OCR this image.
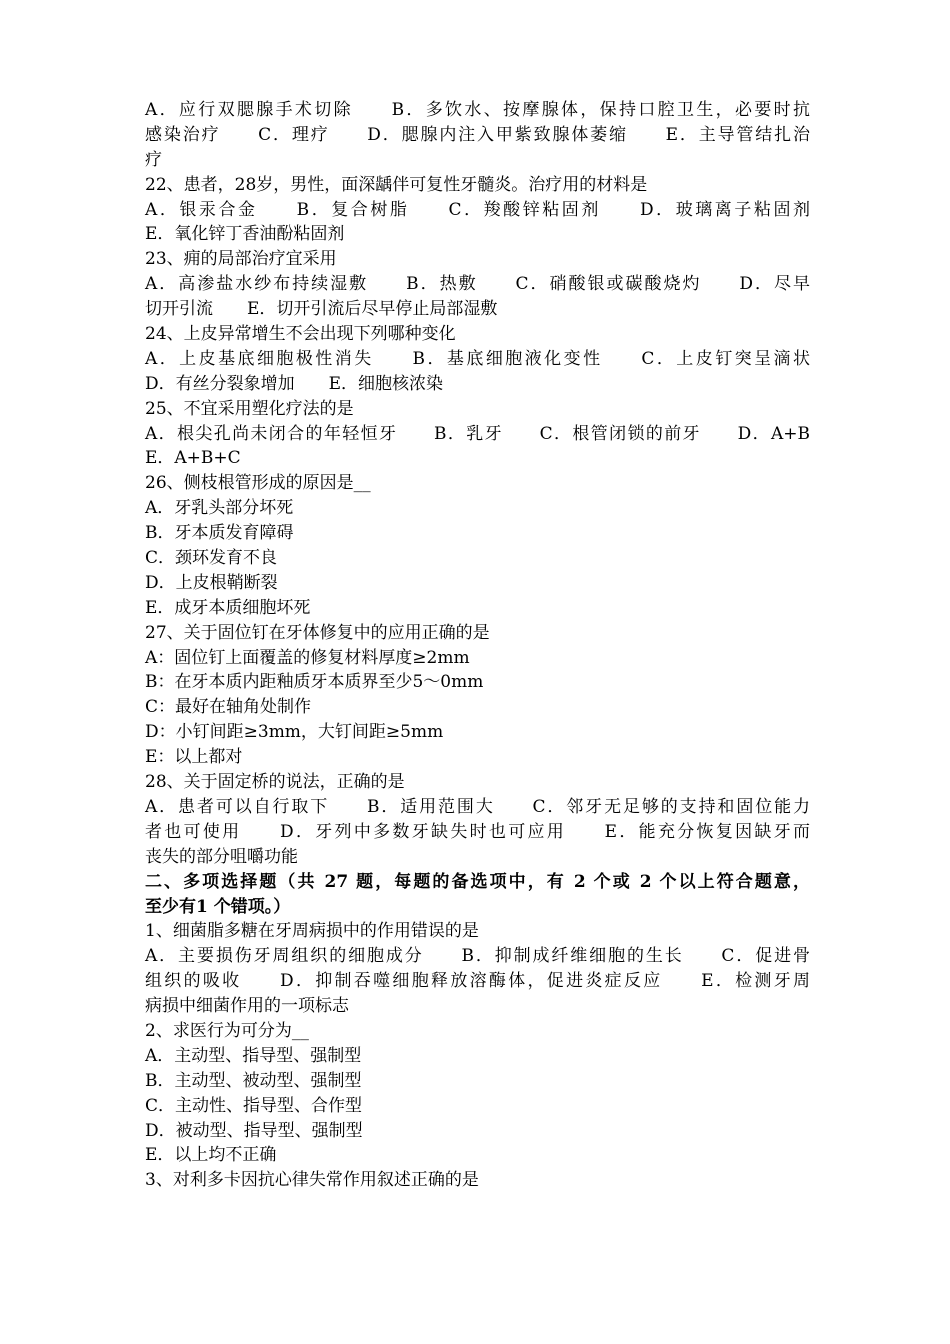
A．应行双腮腺手术切除　　B．多饮水、按摩腺体，保持口腔卫生，必要时抗
感染治疗　　C．理疗　　D．腮腺内注入甲紫致腺体萎缩　　E．主导管结扎治
疗
22、患者，28岁，男性，面深龋伴可复性牙髓炎。治疗用的材料是
A．银汞合金　　B．复合树脂　　C．羧酸锌粘固剂　　D．玻璃离子粘固剂
E．氧化锌丁香油酚粘固剂
23、痈的局部治疗宜采用
A．高渗盐水纱布持续湿敷　　B．热敷　　C．硝酸银或碳酸烧灼　　D．尽早
切开引流　　E．切开引流后尽早停止局部湿敷
24、上皮异常增生不会出现下列哪种变化
A．上皮基底细胞极性消失　　B．基底细胞液化变性　　C．上皮钉突呈滴状
D．有丝分裂象增加　　E．细胞核浓染
25、不宜采用塑化疗法的是
A．根尖孔尚未闭合的年轻恒牙　　B．乳牙　　C．根管闭锁的前牙　　D．A+B
E．A+B+C
26、侧枝根管形成的原因是__
A．牙乳头部分坏死
B．牙本质发育障碍
C．颈环发育不良
D．上皮根鞘断裂
E．成牙本质细胞坏死
27、关于固位钉在牙体修复中的应用正确的是
A：固位钉上面覆盖的修复材料厚度≥2mm
B：在牙本质内距釉质牙本质界至少5～0mm
C：最好在轴角处制作
D：小钉间距≥3mm，大钉间距≥5mm
E：以上都对
28、关于固定桥的说法，正确的是
A．患者可以自行取下　　B．适用范围大　　C．邻牙无足够的支持和固位能力
者也可使用　　D．牙列中多数牙缺失时也可应用　　E．能充分恢复因缺牙而
丧失的部分咀嚼功能
二、多项选择题（共 27 题，每题的备选项中，有 2 个或 2 个以上符合题意，
至少有1 个错项。）
1、细菌脂多糖在牙周病损中的作用错误的是
A．主要损伤牙周组织的细胞成分　　B．抑制成纤维细胞的生长　　C．促进骨
组织的吸收　　D．抑制吞噬细胞释放溶酶体，促进炎症反应　　E．检测牙周
病损中细菌作用的一项标志
2、求医行为可分为__
A．主动型、指导型、强制型
B．主动型、被动型、强制型
C．主动性、指导型、合作型
D．被动型、指导型、强制型
E．以上均不正确
3、对利多卡因抗心律失常作用叙述正确的是
